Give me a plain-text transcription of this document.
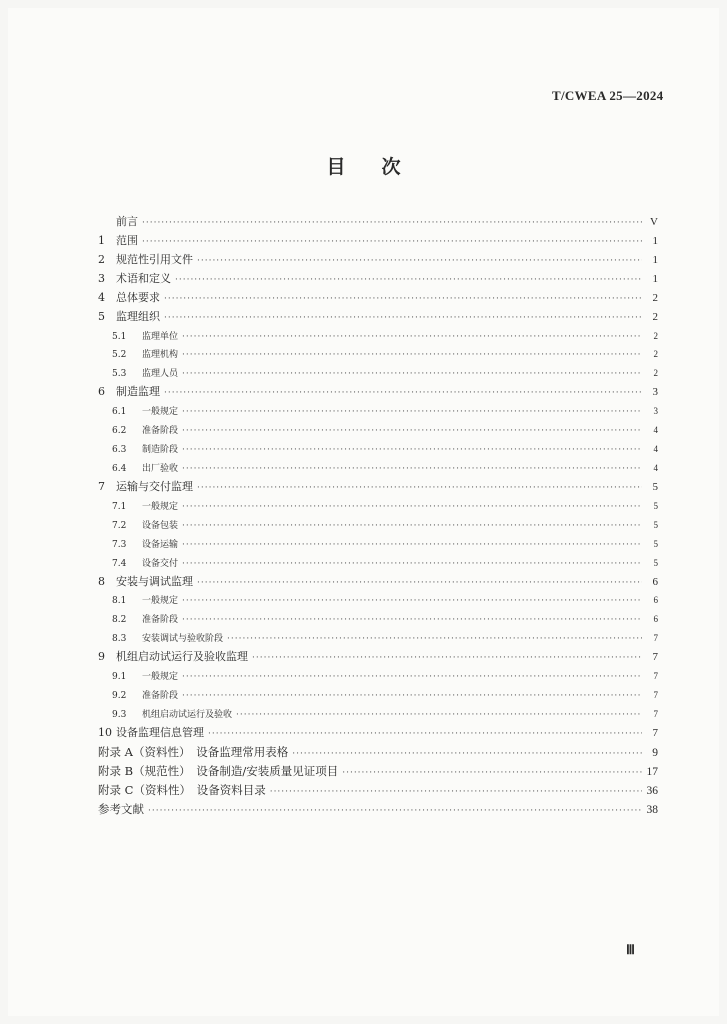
T/CWEA 25—2024
目 次
前言 ·····	V
1	范围 ·····	1
2	规范性引用文件 ·····	1
3	术语和定义 ·····	1
4	总体要求 ·····	2
5	监理组织 ·····	2
5.1	监理单位 ·····	2
5.2	监理机构 ·····	2
5.3	监理人员 ·····	2
6	制造监理 ·····	3
6.1	一般规定 ·····	3
6.2	准备阶段 ·····	4
6.3	制造阶段 ·····	4
6.4	出厂验收 ·····	4
7	运输与交付监理 ·····	5
7.1	一般规定 ·····	5
7.2	设备包装 ·····	5
7.3	设备运输 ·····	5
7.4	设备交付 ·····	5
8	安装与调试监理 ·····	6
8.1	一般规定 ·····	6
8.2	准备阶段 ·····	6
8.3	安装调试与验收阶段 ·····	7
9	机组启动试运行及验收监理 ·····	7
9.1	一般规定 ·····	7
9.2	准备阶段 ·····	7
9.3	机组启动试运行及验收 ·····	7
10 设备监理信息管理 ·····	7
附录 A（资料性）　设备监理常用表格 ·····	9
附录 B（规范性）　设备制造/安装质量见证项目 ·····	17
附录 C（资料性）　设备资料目录 ·····	36
参考文献 ·····	38
Ⅲ
